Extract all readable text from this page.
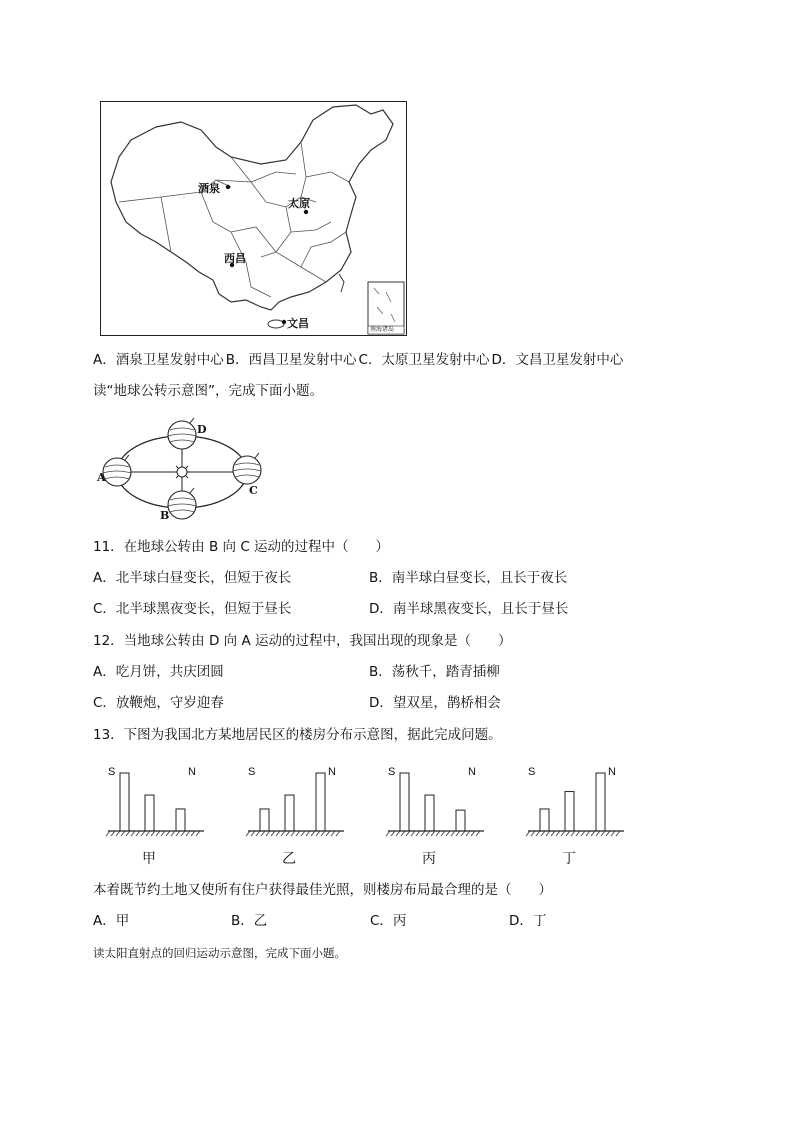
酒泉
太原
西昌
文昌	南海诸岛
A．酒泉卫星发射中心 B．西昌卫星发射中心 C．太原卫星发射中心 D．文昌卫星发射中心
读“地球公转示意图”，完成下面小题。
D
A
C
B
11．在地球公转由 B 向 C 运动的过程中（　　）
A．北半球白昼变长，但短于夜长	B．南半球白昼变长，且长于夜长
C．北半球黑夜变长，但短于昼长	D．南半球黑夜变长，且长于昼长
12．当地球公转由 D 向 A 运动的过程中，我国出现的现象是（　　）
A．吃月饼，共庆团圆	B．荡秋千，踏青插柳
C．放鞭炮，守岁迎春	D．望双星，鹊桥相会
13．下图为我国北方某地居民区的楼房分布示意图，据此完成问题。
S	N
甲
S	N
乙
S	N
丙
S	N
丁
本着既节约土地又使所有住户获得最佳光照，则楼房布局最合理的是（　　）
A．甲	B．乙	C．丙	D．丁
读太阳直射点的回归运动示意图，完成下面小题。
